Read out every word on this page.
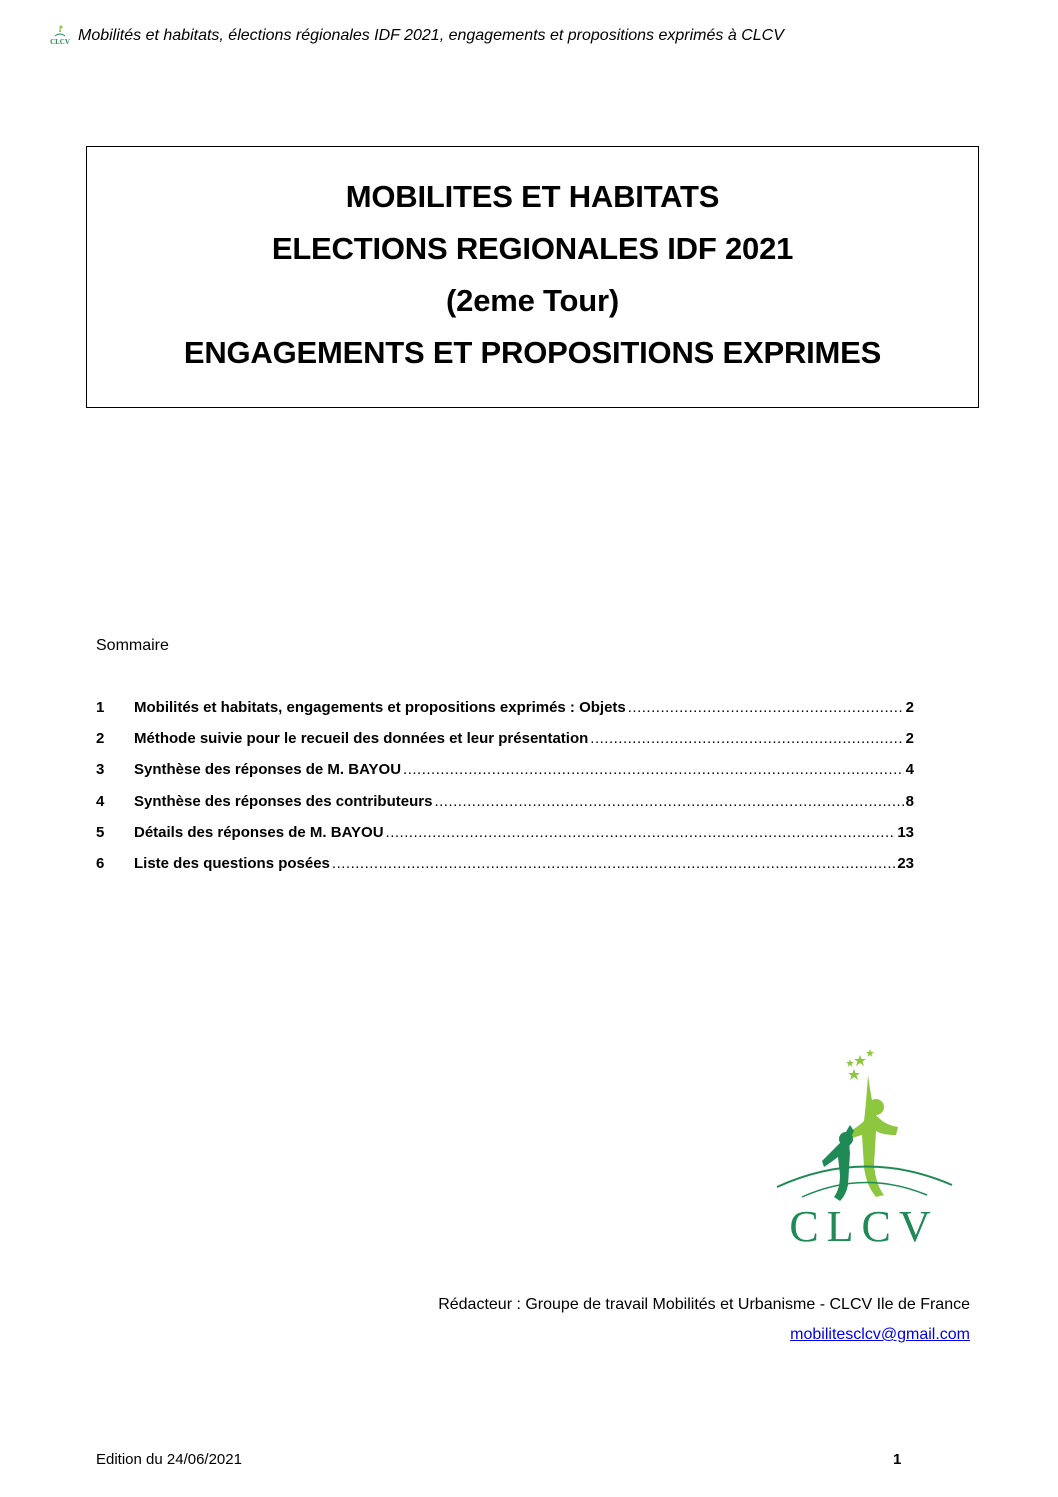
CLCV Mobilités et habitats, élections régionales IDF 2021, engagements et propositions exprimés à CLCV
MOBILITES ET HABITATS
ELECTIONS REGIONALES IDF 2021
(2eme Tour)
ENGAGEMENTS ET PROPOSITIONS EXPRIMES
Sommaire
1	Mobilités et habitats, engagements et propositions exprimés : Objets .....	2
2	Méthode suivie pour le recueil des données et leur présentation .....	2
3	Synthèse des réponses de M. BAYOU .....	4
4	Synthèse des réponses des contributeurs .....	8
5	Détails des réponses de M. BAYOU .....	13
6	Liste des questions posées .....	23
CLCV
Rédacteur : Groupe de travail Mobilités et Urbanisme - CLCV Ile de France
mobilitesclcv@gmail.com
Edition du 24/06/2021	1
